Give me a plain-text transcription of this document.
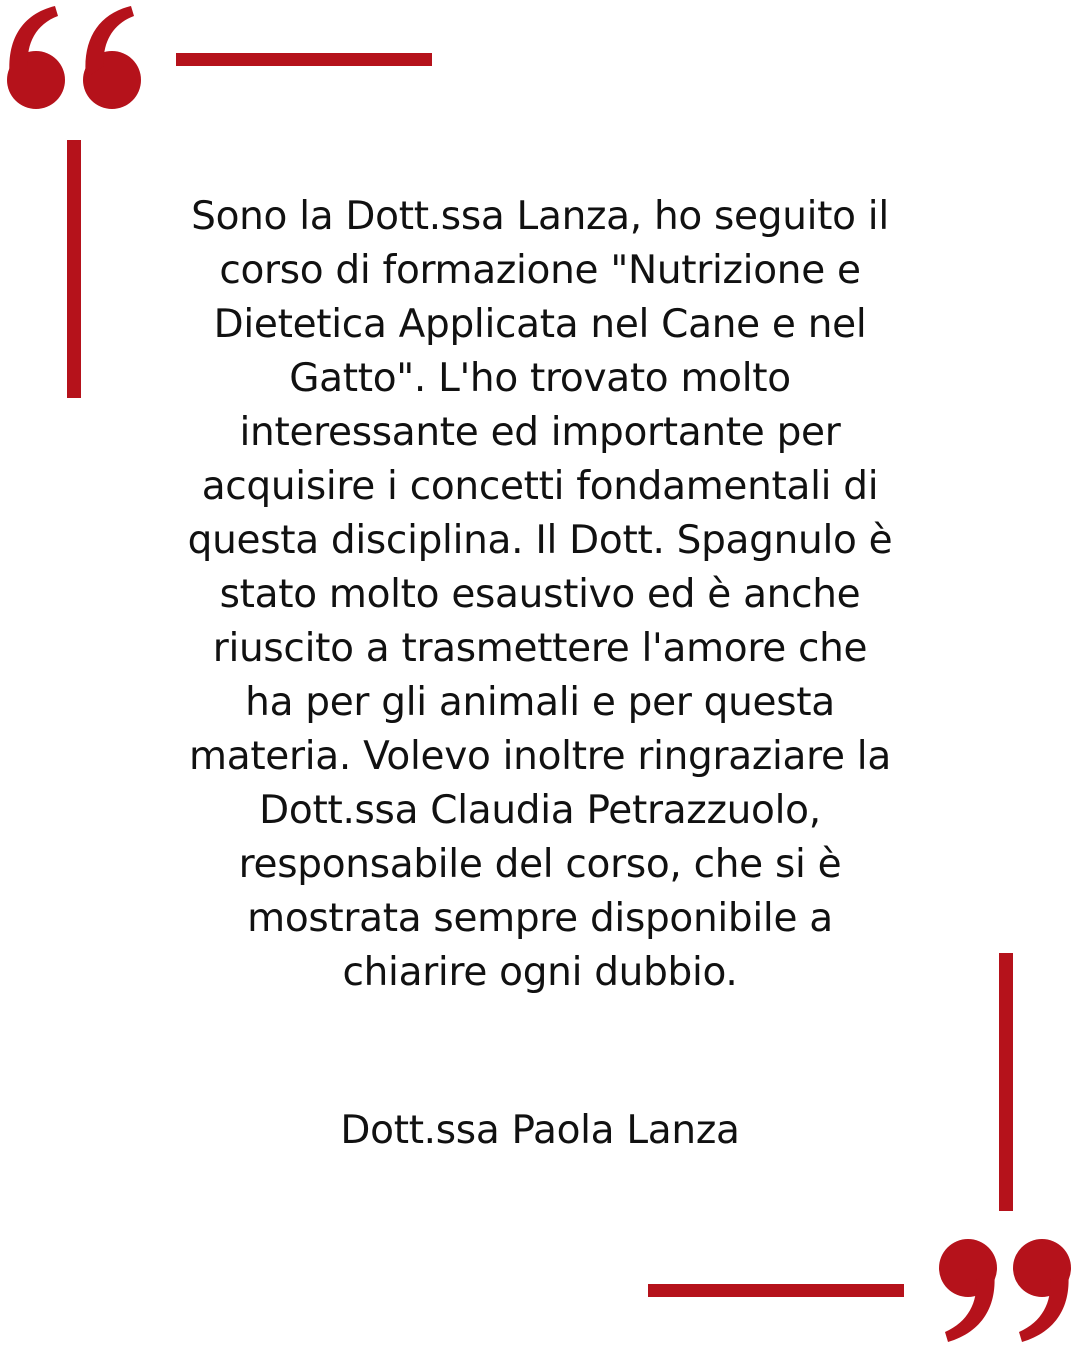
Sono la Dott.ssa Lanza, ho seguito il
corso di formazione "Nutrizione e
Dietetica Applicata nel Cane e nel
Gatto". L'ho trovato molto
interessante ed importante per
acquisire i concetti fondamentali di
questa disciplina. Il Dott. Spagnulo è
stato molto esaustivo ed è anche
riuscito a trasmettere l'amore che
ha per gli animali e per questa
materia. Volevo inoltre ringraziare la
Dott.ssa Claudia Petrazzuolo,
responsabile del corso, che si è
mostrata sempre disponibile a
chiarire ogni dubbio.
Dott.ssa Paola Lanza
